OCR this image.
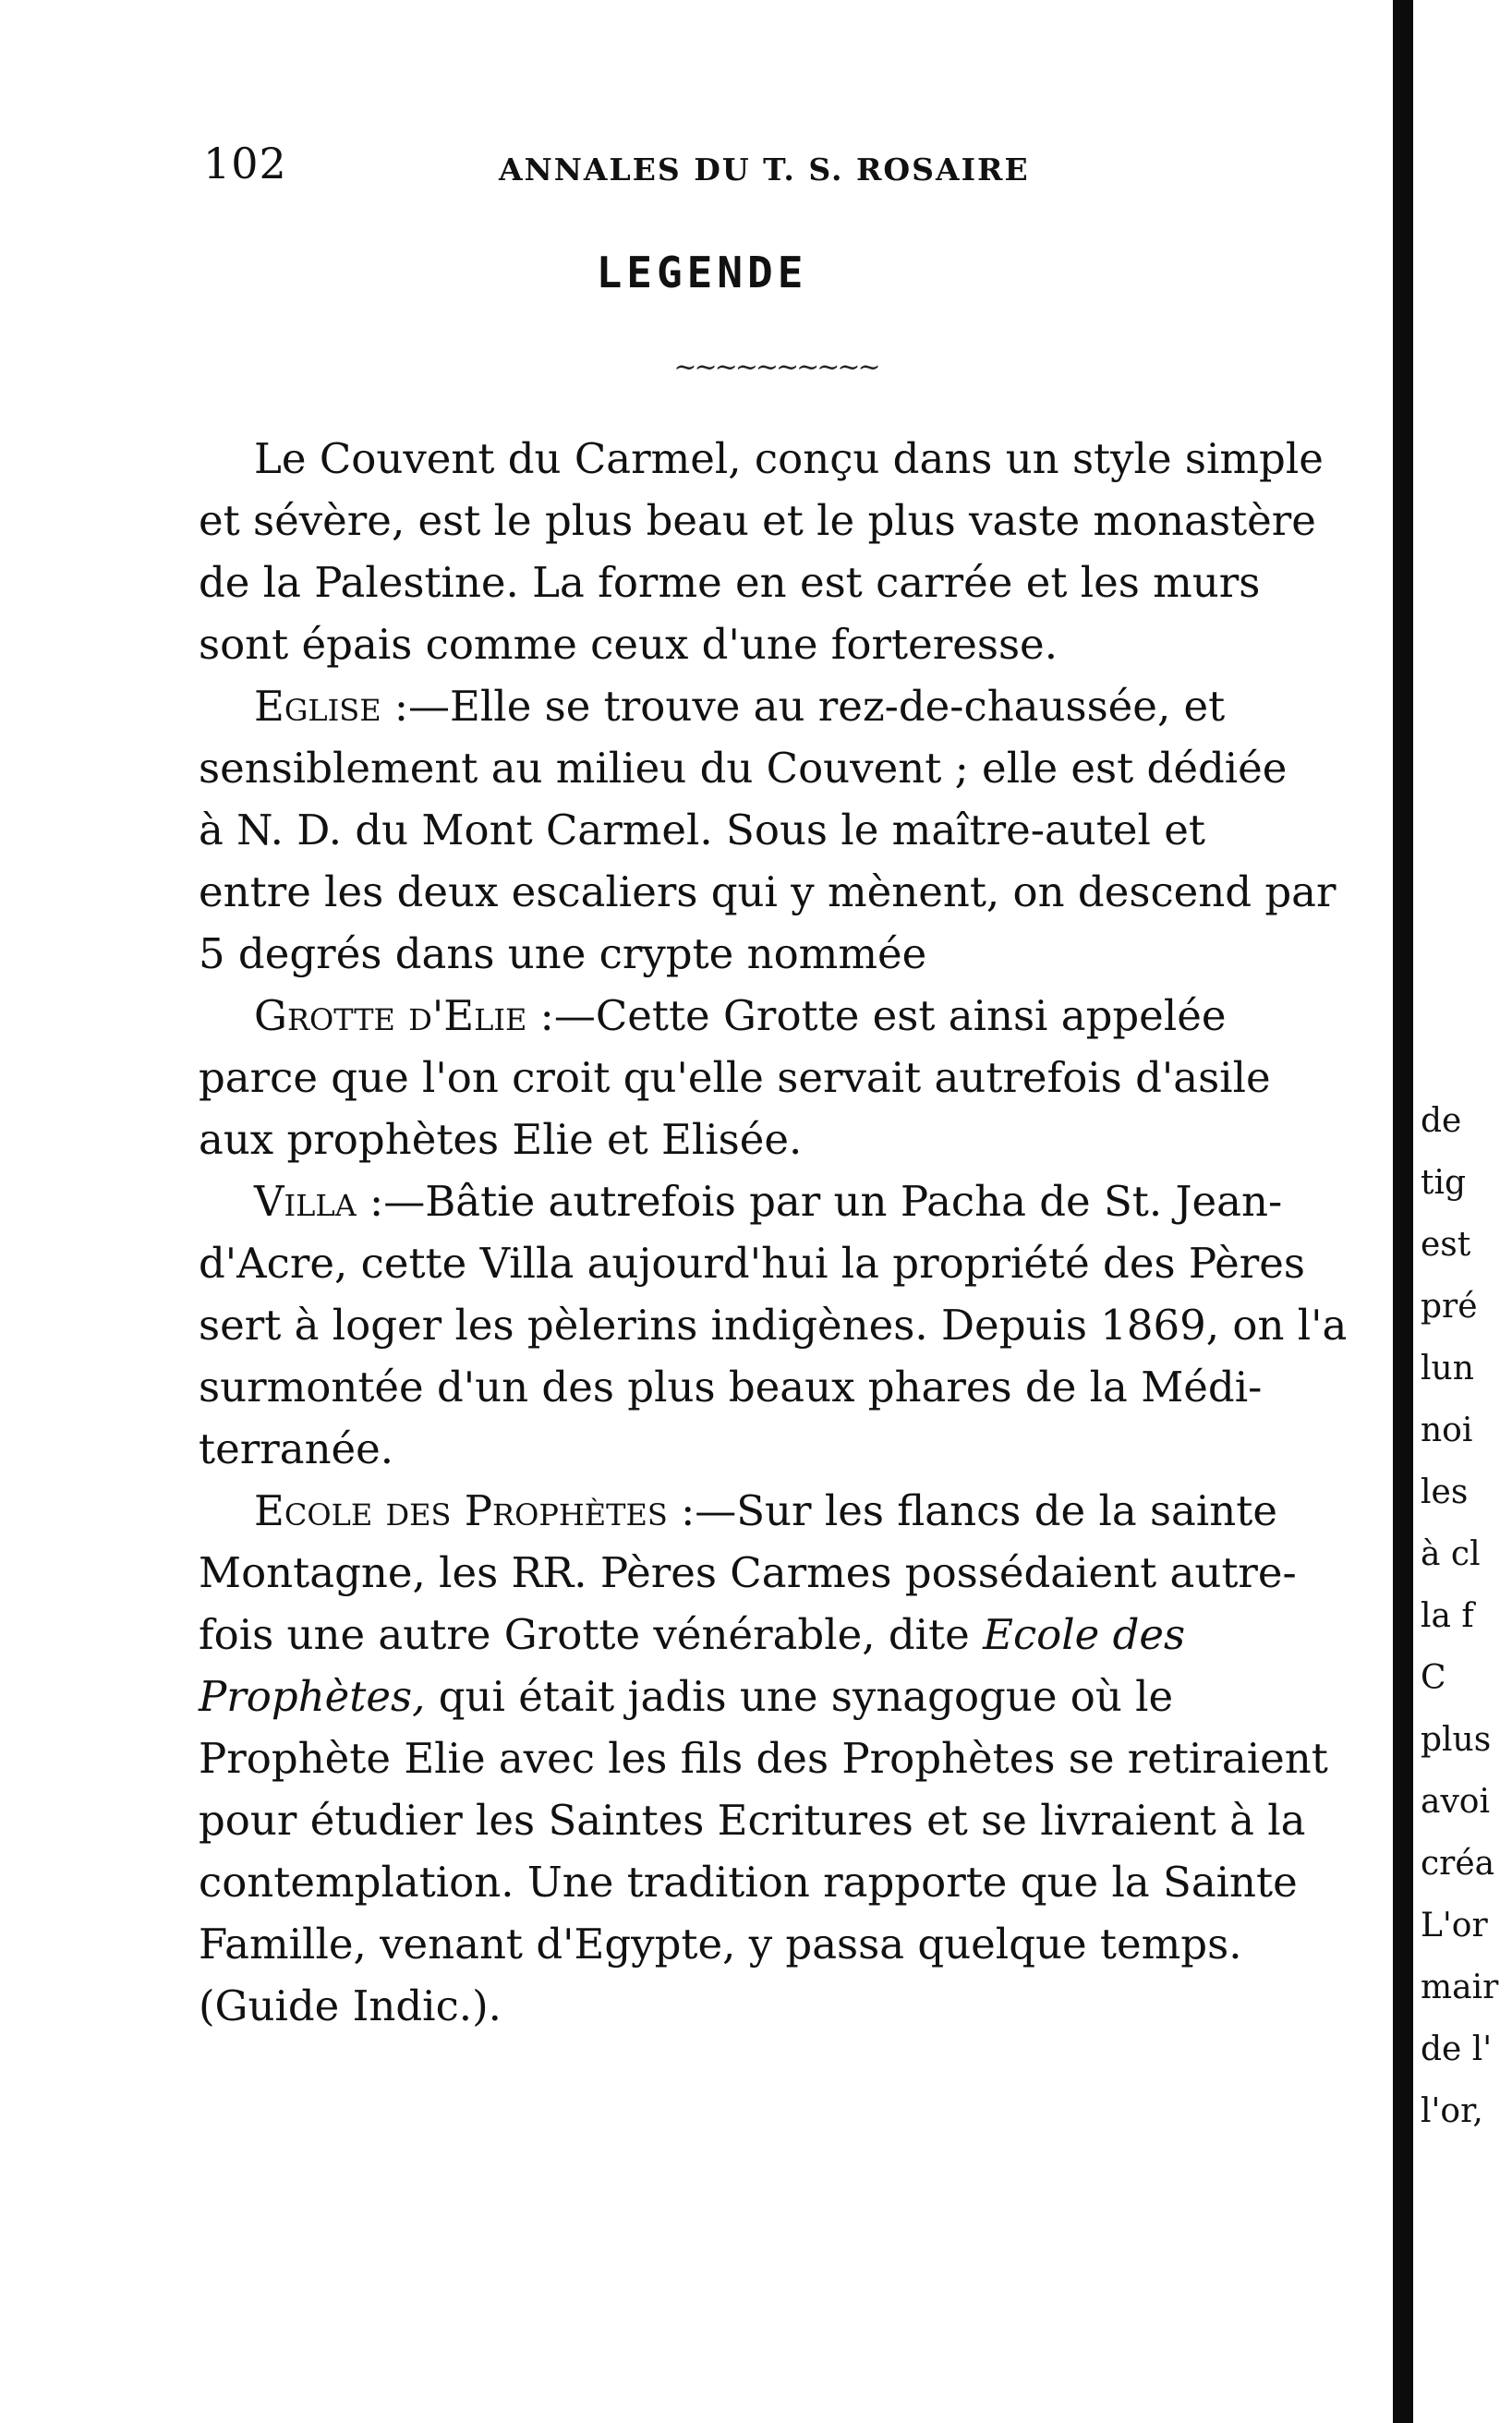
102	ANNALES DU T. S. ROSAIRE
LEGENDE
~~~~~~~~~~

Le Couvent du Carmel, conçu dans un style simple
et sévère, est le plus beau et le plus vaste monastère
de la Palestine. La forme en est carrée et les murs
sont épais comme ceux d'une forteresse.

Eglise :—Elle se trouve au rez-de-chaussée, et
sensiblement au milieu du Couvent ; elle est dédiée
à N. D. du Mont Carmel. Sous le maître-autel et
entre les deux escaliers qui y mènent, on descend par
5 degrés dans une crypte nommée

Grotte d'Elie :—Cette Grotte est ainsi appelée
parce que l'on croit qu'elle servait autrefois d'asile
aux prophètes Elie et Elisée.

Villa :—Bâtie autrefois par un Pacha de St. Jean-
d'Acre, cette Villa aujourd'hui la propriété des Pères
sert à loger les pèlerins indigènes. Depuis 1869, on l'a
surmontée d'un des plus beaux phares de la Médi-
terranée.

Ecole des Prophètes :—Sur les flancs de la sainte
Montagne, les RR. Pères Carmes possédaient autre-
fois une autre Grotte vénérable, dite Ecole des
Prophètes, qui était jadis une synagogue où le
Prophète Elie avec les fils des Prophètes se retiraient
pour étudier les Saintes Ecritures et se livraient à la
contemplation. Une tradition rapporte que la Sainte
Famille, venant d'Egypte, y passa quelque temps.
(Guide Indic.).

de
tig
est
pré
lun
noi
les
à cl
la f
C
plus
avoi
créa
L'or
mair
de l'
l'or,
